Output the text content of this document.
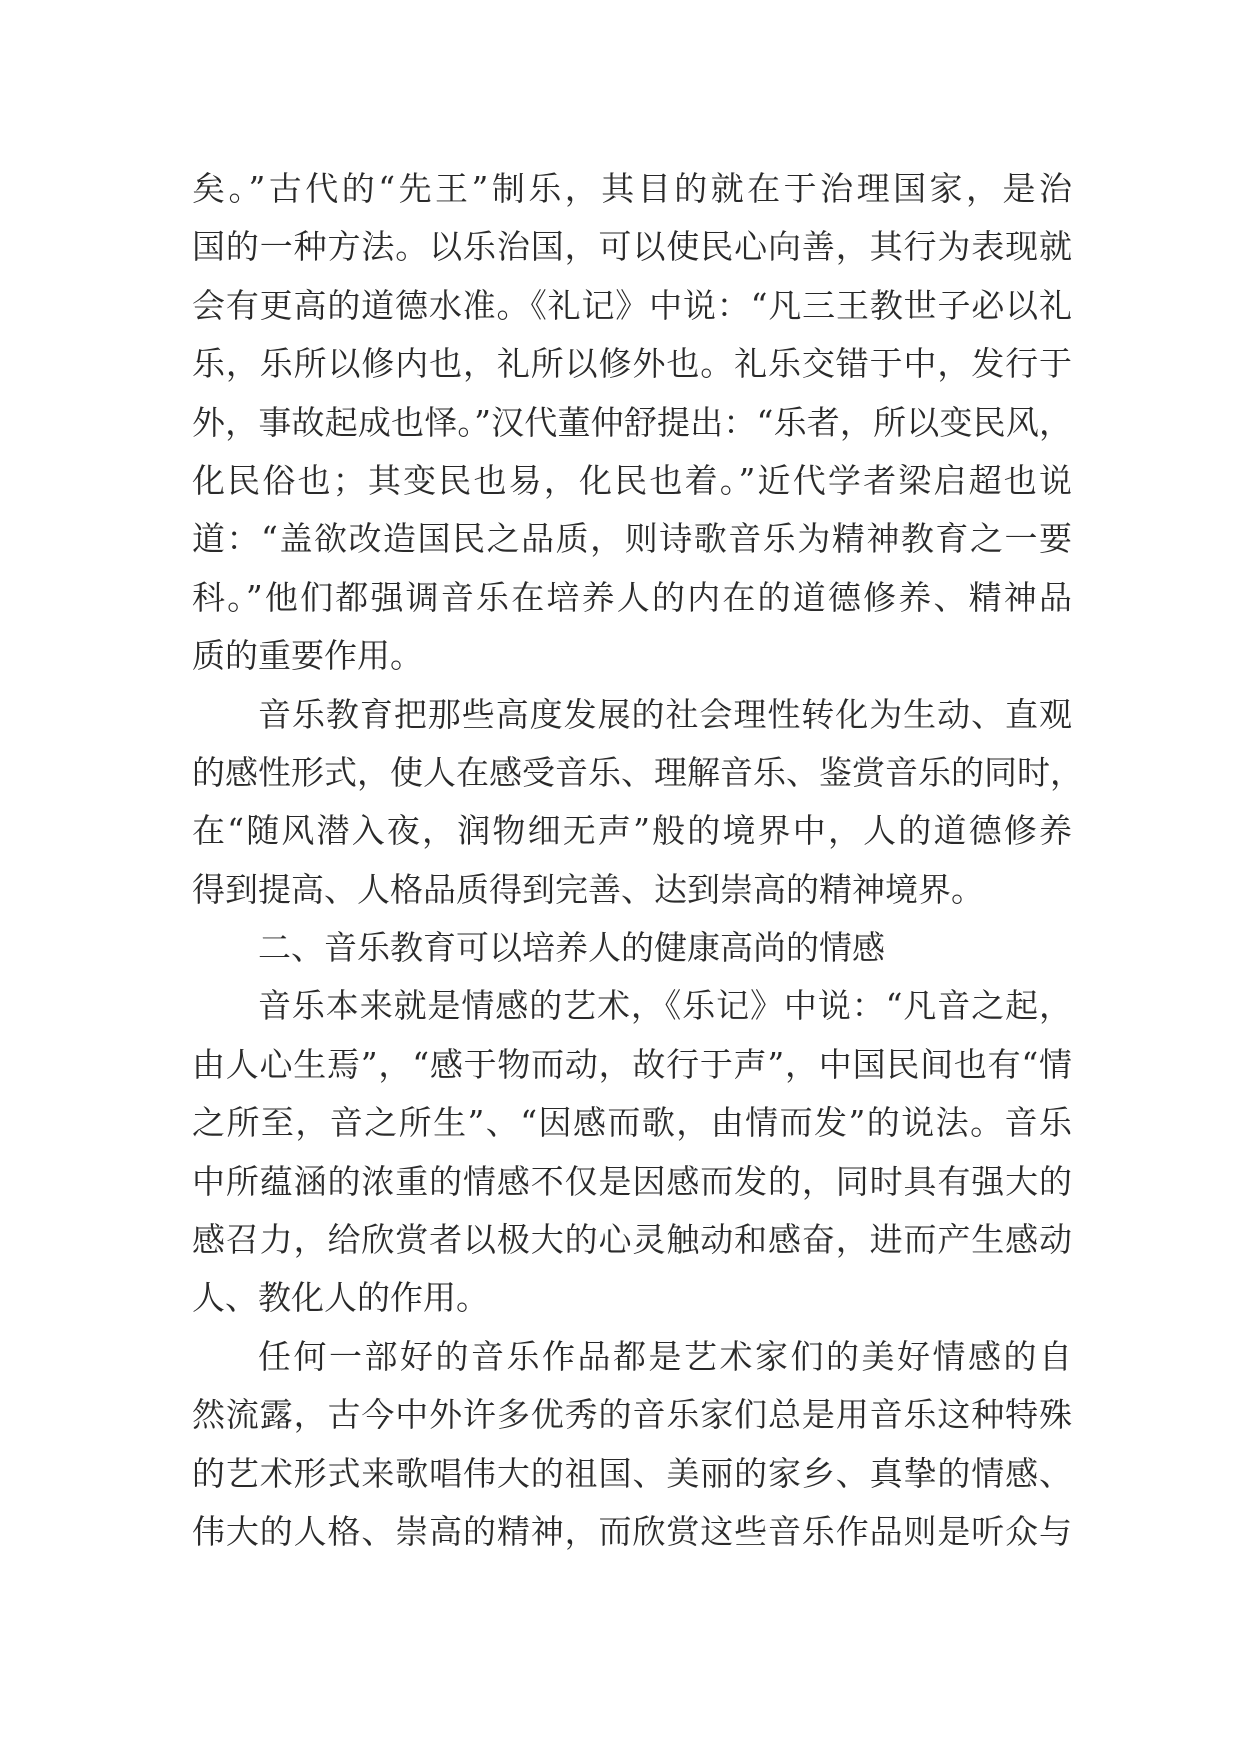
矣。”古代的“先王”制乐，其目的就在于治理国家，是治
国的一种方法。以乐治国，可以使民心向善，其行为表现就
会有更高的道德水准。《礼记》中说：“凡三王教世子必以礼
乐，乐所以修内也，礼所以修外也。礼乐交错于中，发行于
外，事故起成也怿。”汉代董仲舒提出：“乐者，所以变民风，
化民俗也；其变民也易，化民也着。”近代学者梁启超也说
道：“盖欲改造国民之品质，则诗歌音乐为精神教育之一要
科。”他们都强调音乐在培养人的内在的道德修养、精神品
质的重要作用。
音乐教育把那些高度发展的社会理性转化为生动、直观
的感性形式，使人在感受音乐、理解音乐、鉴赏音乐的同时，
在“随风潜入夜，润物细无声”般的境界中，人的道德修养
得到提高、人格品质得到完善、达到崇高的精神境界。
二、音乐教育可以培养人的健康高尚的情感
音乐本来就是情感的艺术，《乐记》中说：“凡音之起，
由人心生焉”，“感于物而动，故行于声”，中国民间也有“情
之所至，音之所生”、“因感而歌，由情而发”的说法。音乐
中所蕴涵的浓重的情感不仅是因感而发的，同时具有强大的
感召力，给欣赏者以极大的心灵触动和感奋，进而产生感动
人、教化人的作用。
任何一部好的音乐作品都是艺术家们的美好情感的自
然流露，古今中外许多优秀的音乐家们总是用音乐这种特殊
的艺术形式来歌唱伟大的祖国、美丽的家乡、真挚的情感、
伟大的人格、崇高的精神，而欣赏这些音乐作品则是听众与
